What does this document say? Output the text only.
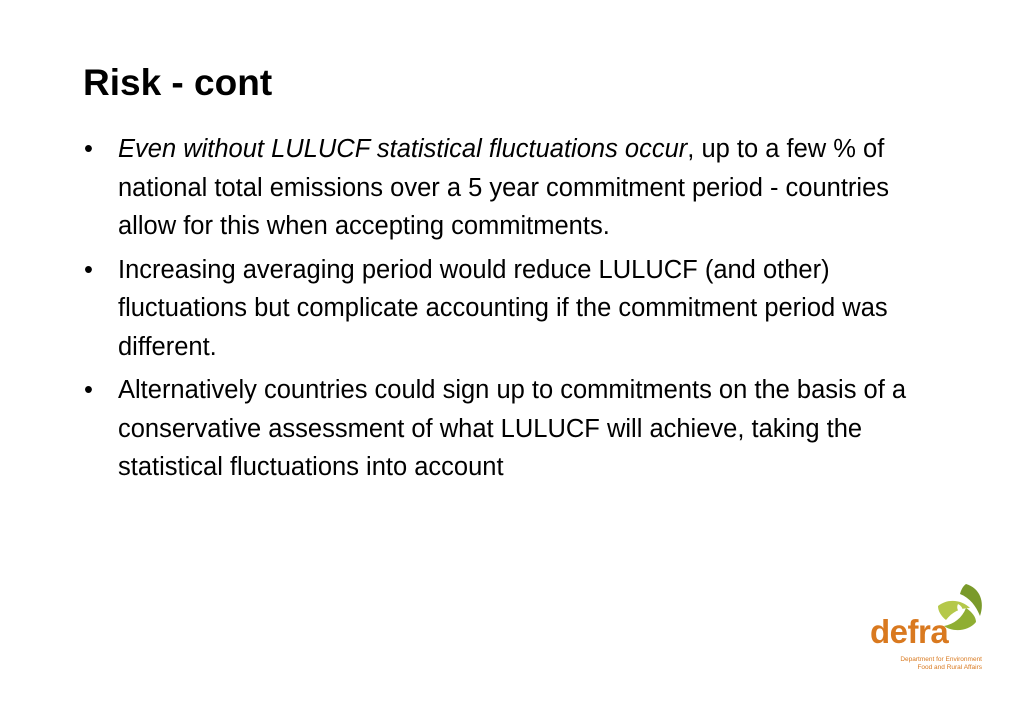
Risk - cont
• Even without LULUCF statistical fluctuations occur, up to a few % of national total emissions over a 5 year commitment period - countries allow for this when accepting commitments.
• Increasing averaging period would reduce LULUCF (and other) fluctuations but complicate accounting if the commitment period was different.
• Alternatively countries could sign up to commitments on the basis of a conservative assessment of what LULUCF will achieve, taking the statistical fluctuations into account
defra
Department for Environment
Food and Rural Affairs
